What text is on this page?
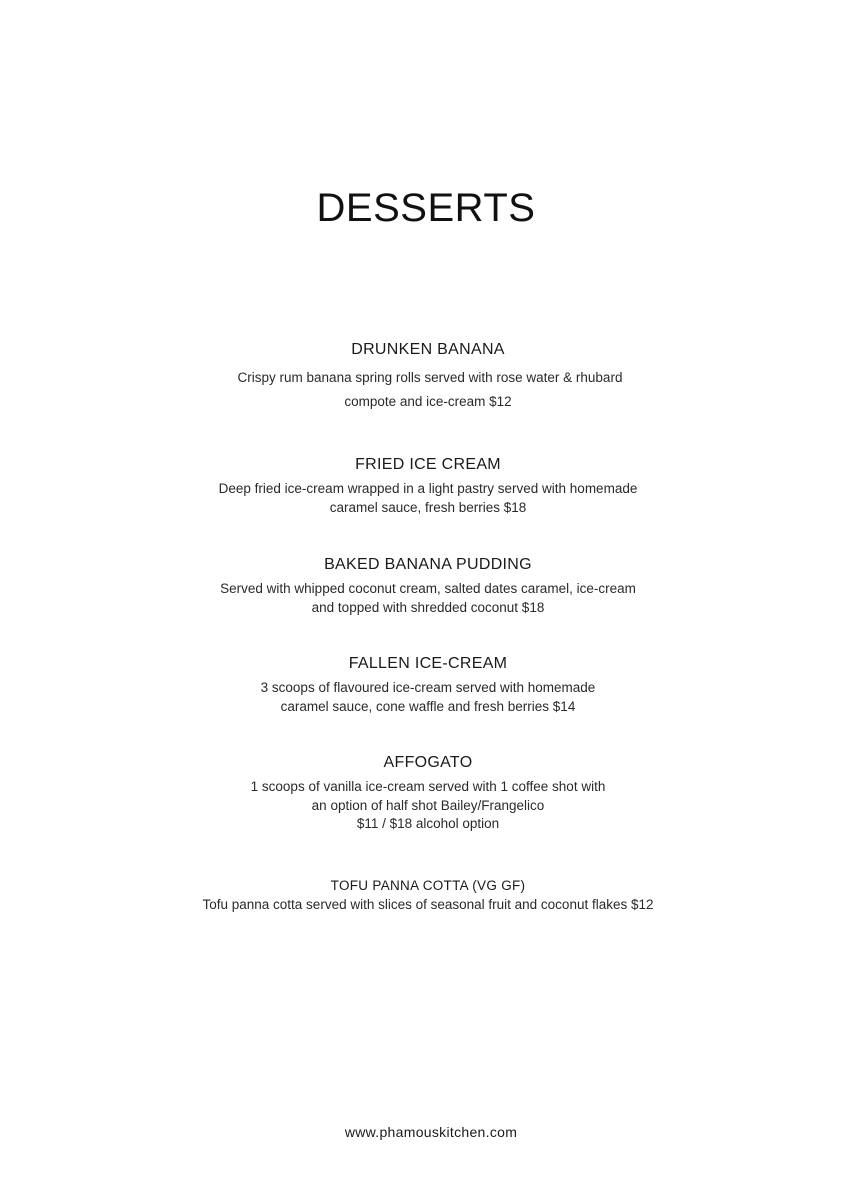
DESSERTS
DRUNKEN BANANA
Crispy rum banana spring rolls served with rose water & rhubard
compote and ice-cream $12
FRIED ICE CREAM
Deep fried ice-cream wrapped in a light pastry served with homemade
caramel sauce, fresh berries $18
BAKED BANANA PUDDING
Served with whipped coconut cream, salted dates caramel, ice-cream
and topped with shredded coconut $18
FALLEN ICE-CREAM
3 scoops of flavoured ice-cream served with homemade
caramel sauce, cone waffle and fresh berries $14
AFFOGATO
1 scoops of vanilla ice-cream served with 1 coffee shot with
an option of half shot Bailey/Frangelico
$11 / $18 alcohol option
TOFU PANNA COTTA (VG GF)
Tofu panna cotta served with slices of seasonal fruit and coconut flakes $12
www.phamouskitchen.com
